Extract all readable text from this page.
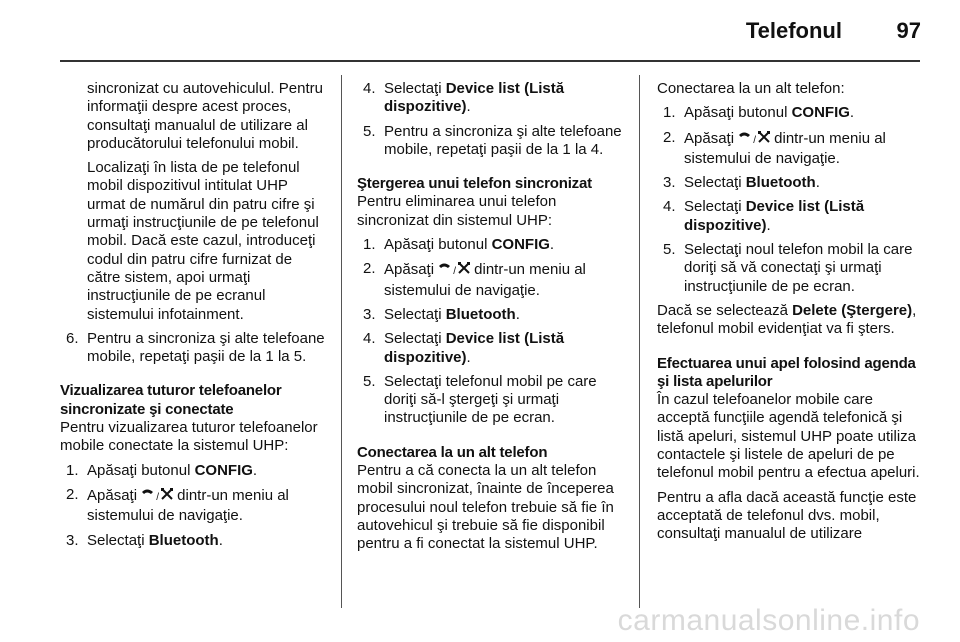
Telefonul 97

sincronizat cu autovehiculul. Pentru informaţii despre acest proces, consultaţi manualul de utilizare al producătorului telefonului mobil.

Localizaţi în lista de pe telefonul mobil dispozitivul intitulat UHP urmat de numărul din patru cifre şi urmaţi instrucţiunile de pe telefonul mobil. Dacă este cazul, introduceţi codul din patru cifre furnizat de către sistem, apoi urmaţi instrucţiunile de pe ecranul sistemului infotainment.

6. Pentru a sincroniza şi alte telefoane mobile, repetaţi paşii de la 1 la 5.

Vizualizarea tuturor telefoanelor sincronizate şi conectate

Pentru vizualizarea tuturor telefoanelor mobile conectate la sistemul UHP:

1. Apăsaţi butonul CONFIG.
2. Apăsaţi / dintr-un meniu al sistemului de navigaţie.
3. Selectaţi Bluetooth.
4. Selectaţi Device list (Listă dispozitive).
5. Pentru a sincroniza şi alte telefoane mobile, repetaţi paşii de la 1 la 4.

Ştergerea unui telefon sincronizat

Pentru eliminarea unui telefon sincronizat din sistemul UHP:

1. Apăsaţi butonul CONFIG.
2. Apăsaţi / dintr-un meniu al sistemului de navigaţie.
3. Selectaţi Bluetooth.
4. Selectaţi Device list (Listă dispozitive).
5. Selectaţi telefonul mobil pe care doriţi să-l ştergeţi şi urmaţi instrucţiunile de pe ecran.

Conectarea la un alt telefon

Pentru a că conecta la un alt telefon mobil sincronizat, înainte de începerea procesului noul telefon trebuie să fie în autovehicul şi trebuie să fie disponibil pentru a fi conectat la sistemul UHP.

Conectarea la un alt telefon:

1. Apăsaţi butonul CONFIG.
2. Apăsaţi / dintr-un meniu al sistemului de navigaţie.
3. Selectaţi Bluetooth.
4. Selectaţi Device list (Listă dispozitive).
5. Selectaţi noul telefon mobil la care doriţi să vă conectaţi şi urmaţi instrucţiunile de pe ecran.

Dacă se selectează Delete (Ştergere), telefonul mobil evidenţiat va fi şters.

Efectuarea unui apel folosind agenda şi lista apelurilor

În cazul telefoanelor mobile care acceptă funcţiile agendă telefonică şi listă apeluri, sistemul UHP poate utiliza contactele şi listele de apeluri de pe telefonul mobil pentru a efectua apeluri.

Pentru a afla dacă această funcţie este acceptată de telefonul dvs. mobil, consultaţi manualul de utilizare

carmanualsonline.info
